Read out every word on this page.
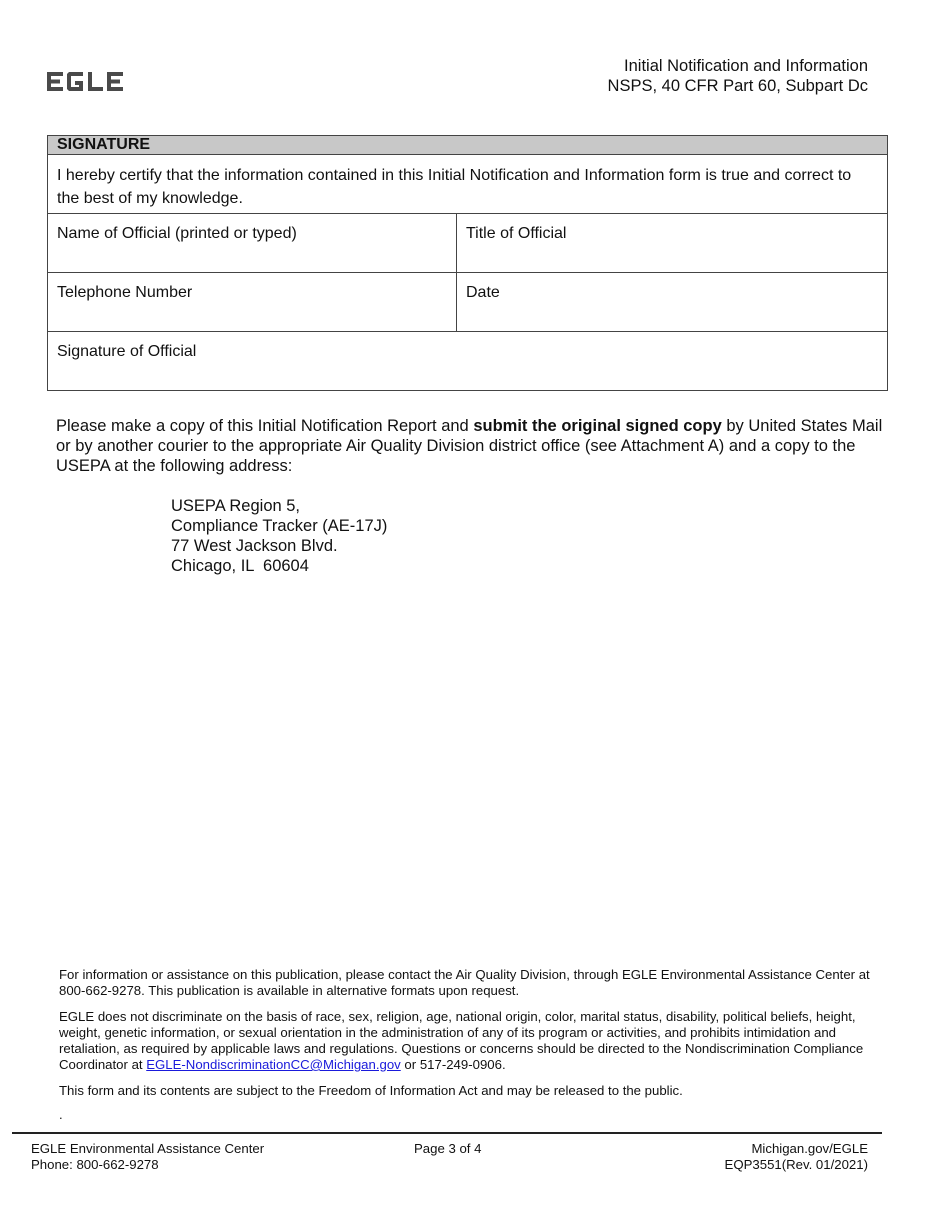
Initial Notification and Information
NSPS, 40 CFR Part 60, Subpart Dc
SIGNATURE
I hereby certify that the information contained in this Initial Notification and Information form is true and correct to the best of my knowledge.
Name of Official (printed or typed)	Title of Official
Telephone Number	Date
Signature of Official
Please make a copy of this Initial Notification Report and submit the original signed copy by United States Mail or by another courier to the appropriate Air Quality Division district office (see Attachment A) and a copy to the USEPA at the following address:
USEPA Region 5,
Compliance Tracker (AE-17J)
77 West Jackson Blvd.
Chicago, IL  60604

For information or assistance on this publication, please contact the Air Quality Division, through EGLE Environmental Assistance Center at 800-662-9278. This publication is available in alternative formats upon request.

EGLE does not discriminate on the basis of race, sex, religion, age, national origin, color, marital status, disability, political beliefs, height, weight, genetic information, or sexual orientation in the administration of any of its program or activities, and prohibits intimidation and retaliation, as required by applicable laws and regulations. Questions or concerns should be directed to the Nondiscrimination Compliance Coordinator at EGLE-NondiscriminationCC@Michigan.gov or 517-249-0906.

This form and its contents are subject to the Freedom of Information Act and may be released to the public.

.

EGLE Environmental Assistance Center
Phone: 800-662-9278
Page 3 of 4	Michigan.gov/EGLE
EQP3551(Rev. 01/2021)
